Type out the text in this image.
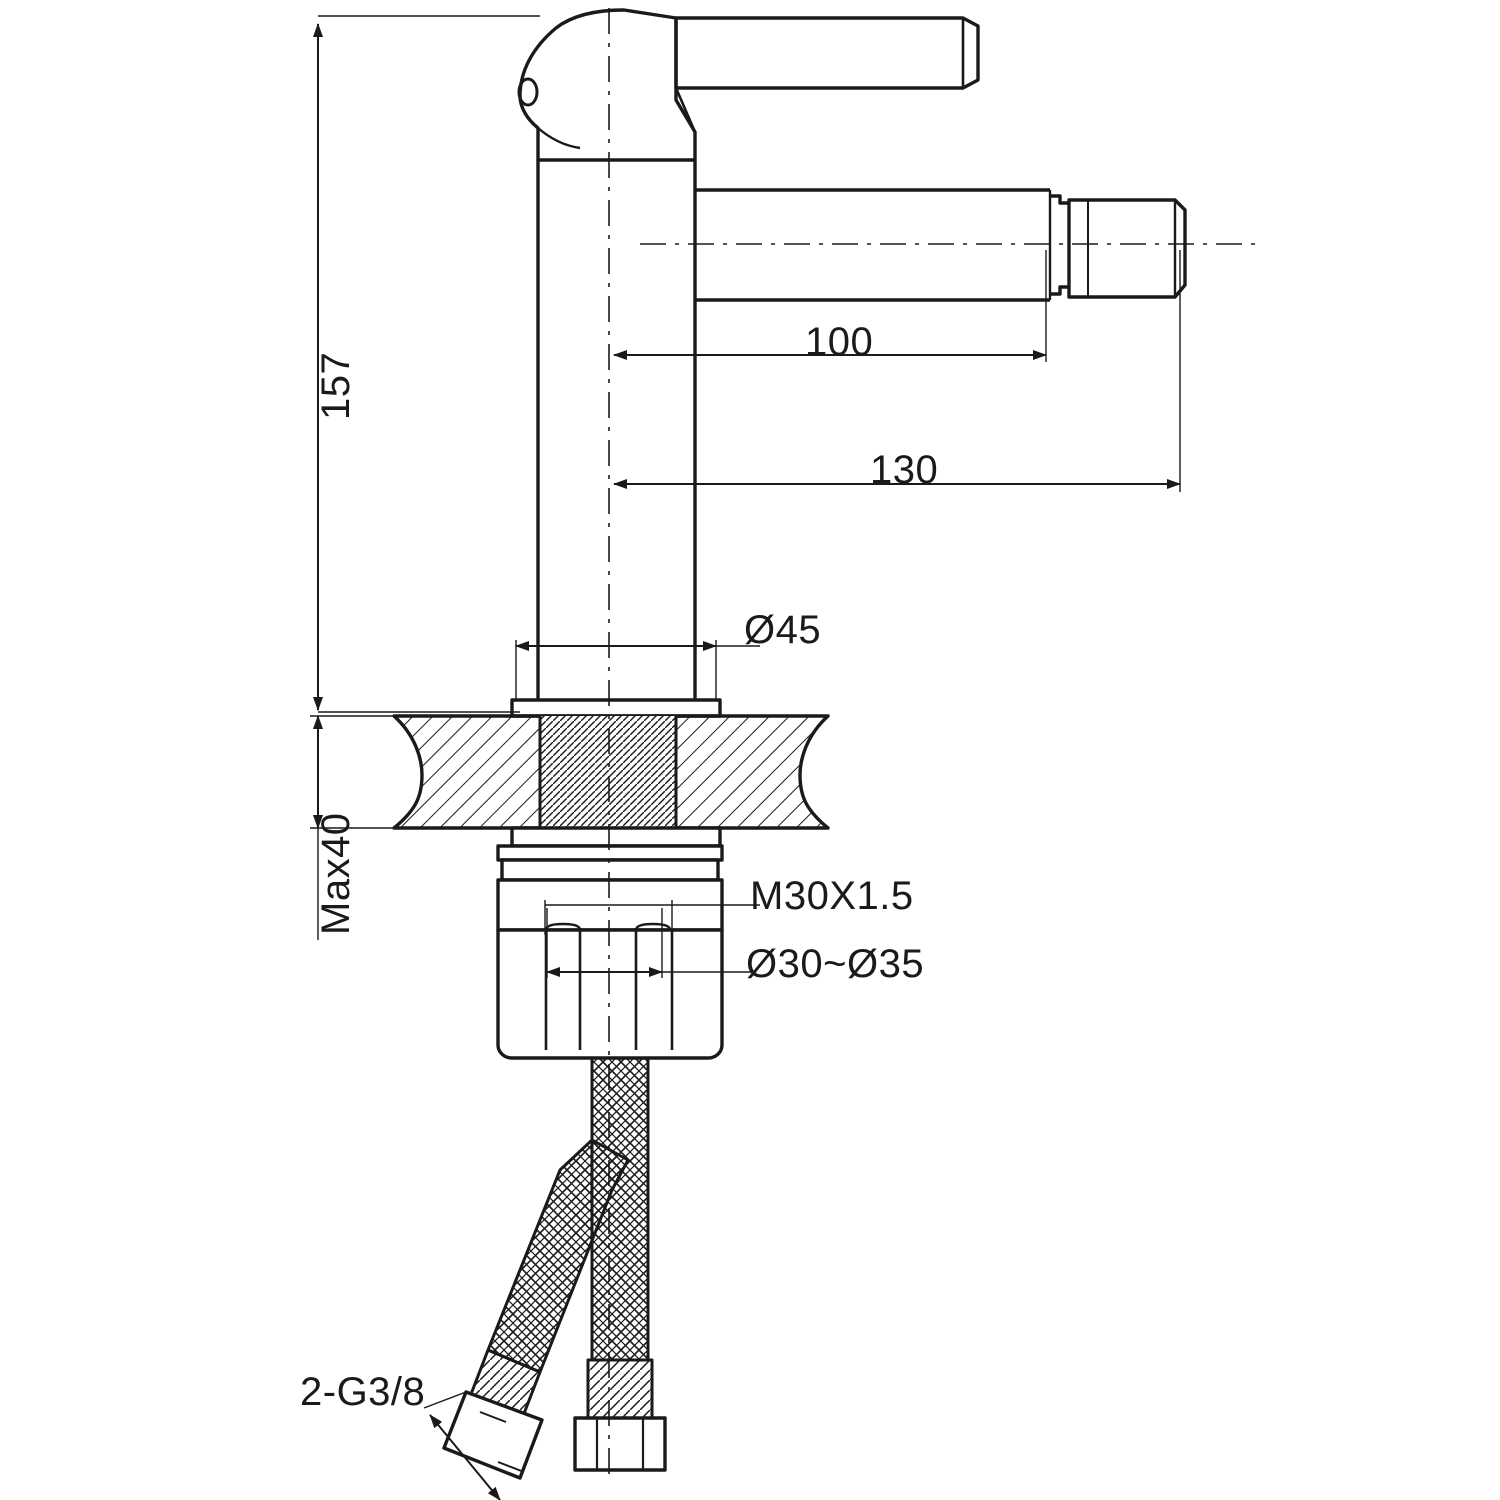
157
100
130
Ø45
Max40	M30X1.5
Ø30~Ø35
2-G3/8
